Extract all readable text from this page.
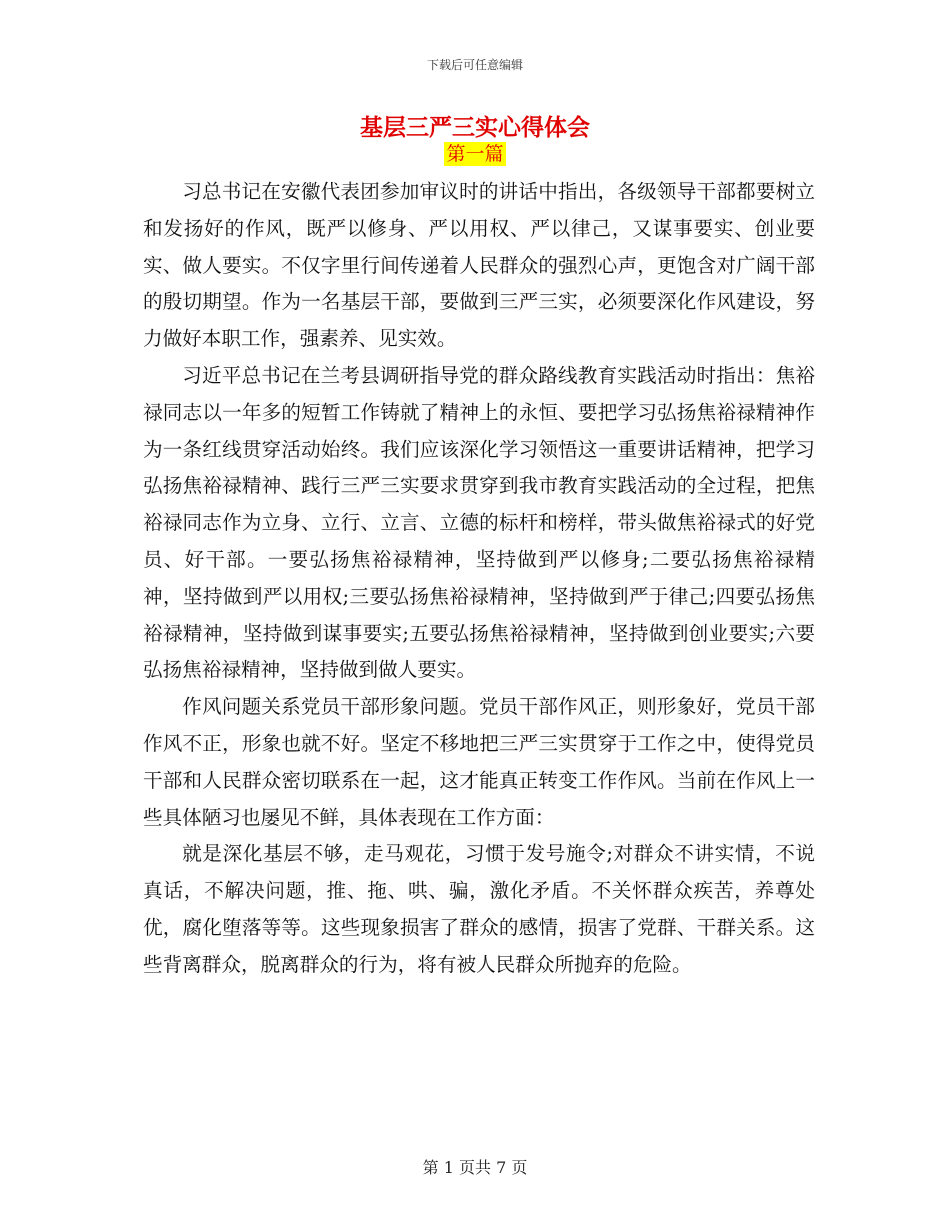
下载后可任意编辑
基层三严三实心得体会
第一篇

习总书记在安徽代表团参加审议时的讲话中指出，各级领导干部都要树立和发扬好的作风，既严以修身、严以用权、严以律己，又谋事要实、创业要实、做人要实。不仅字里行间传递着人民群众的强烈心声，更饱含对广阔干部的殷切期望。作为一名基层干部，要做到三严三实，必须要深化作风建设，努力做好本职工作，强素养、见实效。

习近平总书记在兰考县调研指导党的群众路线教育实践活动时指出：焦裕禄同志以一年多的短暂工作铸就了精神上的永恒、要把学习弘扬焦裕禄精神作为一条红线贯穿活动始终。我们应该深化学习领悟这一重要讲话精神，把学习弘扬焦裕禄精神、践行三严三实要求贯穿到我市教育实践活动的全过程，把焦裕禄同志作为立身、立行、立言、立德的标杆和榜样，带头做焦裕禄式的好党员、好干部。一要弘扬焦裕禄精神，坚持做到严以修身;二要弘扬焦裕禄精神，坚持做到严以用权;三要弘扬焦裕禄精神，坚持做到严于律己;四要弘扬焦裕禄精神，坚持做到谋事要实;五要弘扬焦裕禄精神，坚持做到创业要实;六要弘扬焦裕禄精神，坚持做到做人要实。

作风问题关系党员干部形象问题。党员干部作风正，则形象好，党员干部作风不正，形象也就不好。坚定不移地把三严三实贯穿于工作之中，使得党员干部和人民群众密切联系在一起，这才能真正转变工作作风。当前在作风上一些具体陋习也屡见不鲜，具体表现在工作方面：

就是深化基层不够，走马观花，习惯于发号施令;对群众不讲实情，不说真话，不解决问题，推、拖、哄、骗，激化矛盾。不关怀群众疾苦，养尊处优，腐化堕落等等。这些现象损害了群众的感情，损害了党群、干群关系。这些背离群众，脱离群众的行为，将有被人民群众所抛弃的危险。

第 1 页共 7 页
